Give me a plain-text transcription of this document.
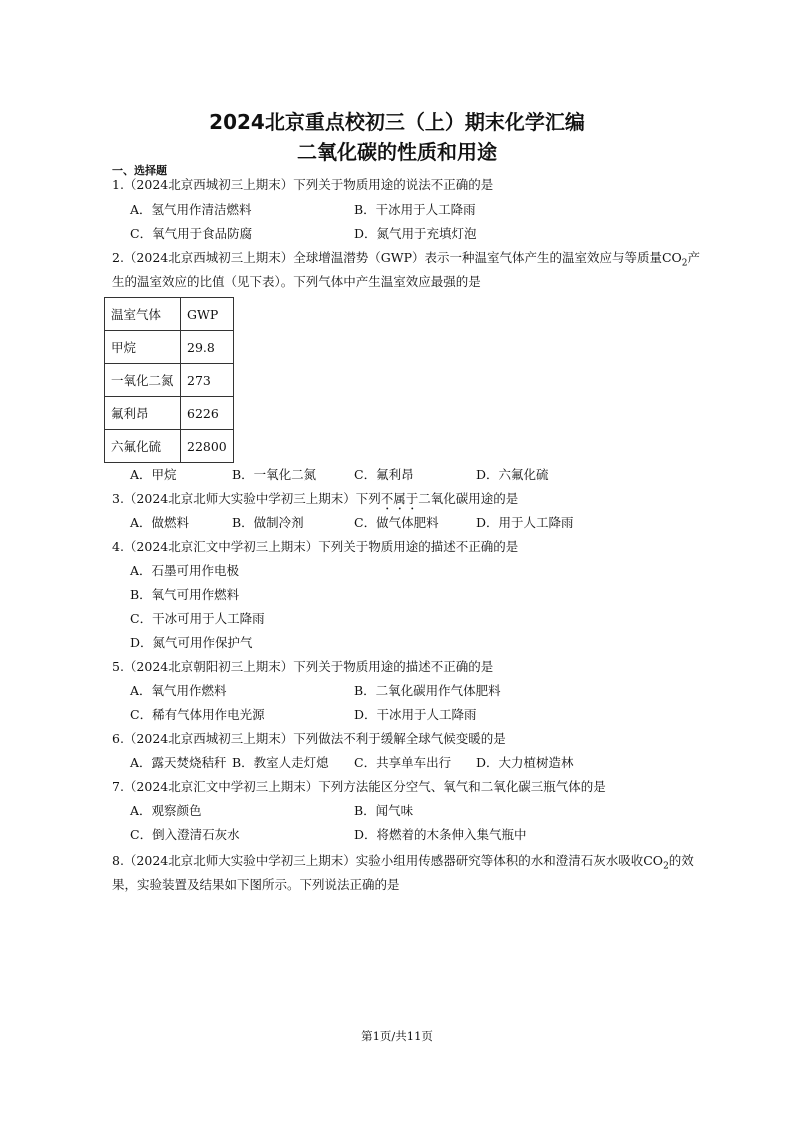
2024北京重点校初三（上）期末化学汇编
二氧化碳的性质和用途
一、选择题
1.（2024北京西城初三上期末）下列关于物质用途的说法不正确的是
A．氢气用作清洁燃料	B．干冰用于人工降雨
C．氧气用于食品防腐	D．氮气用于充填灯泡
2.（2024北京西城初三上期末）全球增温潜势（GWP）表示一种温室气体产生的温室效应与等质量$CO_2$产
生的温室效应的比值（见下表）。下列气体中产生温室效应最强的是
温室气体	GWP
甲烷	29.8
一氧化二氮	273
氟利昂	6226
六氟化硫	22800
A．甲烷	B．一氧化二氮	C．氟利昂	D．六氟化硫
3.（2024北京北师大实验中学初三上期末）下列不属于二氧化碳用途的是
A．做燃料	B．做制冷剂	C．做气体肥料	D．用于人工降雨
4.（2024北京汇文中学初三上期末）下列关于物质用途的描述不正确的是
A．石墨可用作电极
B．氧气可用作燃料
C．干冰可用于人工降雨
D．氮气可用作保护气
5.（2024北京朝阳初三上期末）下列关于物质用途的描述不正确的是
A．氧气用作燃料	B．二氧化碳用作气体肥料
C．稀有气体用作电光源	D．干冰用于人工降雨
6.（2024北京西城初三上期末）下列做法不利于缓解全球气候变暖的是
A．露天焚烧秸秆 B．教室人走灯熄 C．共享单车出行 D．大力植树造林
7.（2024北京汇文中学初三上期末）下列方法能区分空气、氧气和二氧化碳三瓶气体的是
A．观察颜色	B．闻气味
C．倒入澄清石灰水	D．将燃着的木条伸入集气瓶中
8.（2024北京北师大实验中学初三上期末）实验小组用传感器研究等体积的水和澄清石灰水吸收$CO_2$的效
果，实验装置及结果如下图所示。下列说法正确的是
第1页/共11页
